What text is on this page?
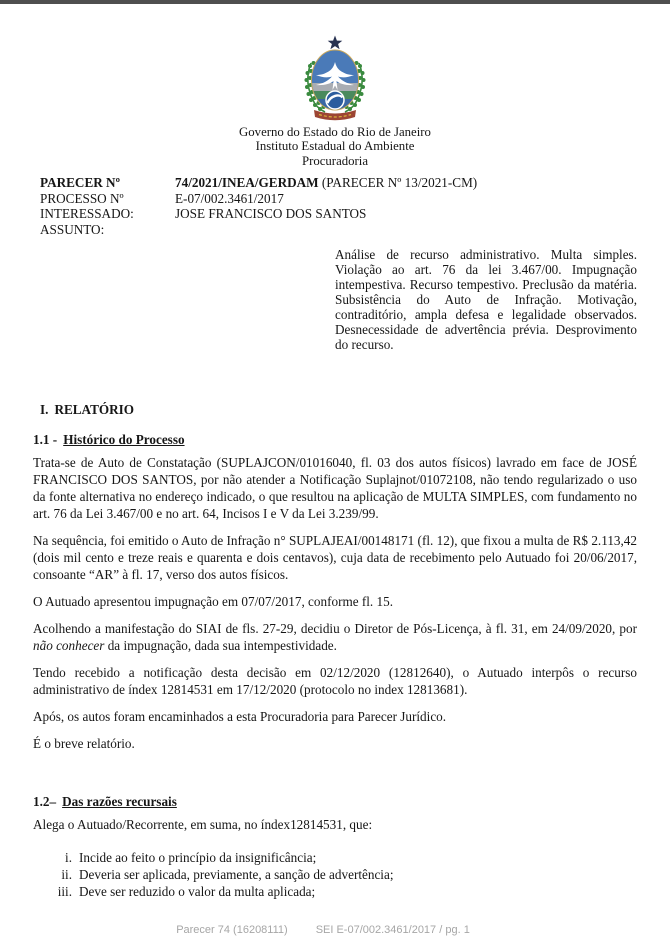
Governo do Estado do Rio de Janeiro
Instituto Estadual do Ambiente
Procuradoria
PARECER Nº	74/2021/INEA/GERDAM (PARECER Nº 13/2021-CM)
PROCESSO Nº	E-07/002.3461/2017
INTERESSADO:	JOSE FRANCISCO DOS SANTOS
ASSUNTO:	
Análise de recurso administrativo. Multa simples. Violação ao art. 76 da lei 3.467/00. Impugnação intempestiva. Recurso tempestivo. Preclusão da matéria. Subsistência do Auto de Infração. Motivação, contraditório, ampla defesa e legalidade observados. Desnecessidade de advertência prévia. Desprovimento do recurso.
I. RELATÓRIO
1.1 - Histórico do Processo

Trata-se de Auto de Constatação (SUPLAJCON/01016040, fl. 03 dos autos físicos) lavrado em face de JOSÉ FRANCISCO DOS SANTOS, por não atender a Notificação Suplajnot/01072108, não tendo regularizado o uso da fonte alternativa no endereço indicado, o que resultou na aplicação de MULTA SIMPLES, com fundamento no art. 76 da Lei 3.467/00 e no art. 64, Incisos I e V da Lei 3.239/99.

Na sequência, foi emitido o Auto de Infração n° SUPLAJEAI/00148171 (fl. 12), que fixou a multa de R$ 2.113,42 (dois mil cento e treze reais e quarenta e dois centavos), cuja data de recebimento pelo Autuado foi 20/06/2017, consoante “AR” à fl. 17, verso dos autos físicos.

O Autuado apresentou impugnação em 07/07/2017, conforme fl. 15.

Acolhendo a manifestação do SIAI de fls. 27-29, decidiu o Diretor de Pós-Licença, à fl. 31, em 24/09/2020, por não conhecer da impugnação, dada sua intempestividade.

Tendo recebido a notificação desta decisão em 02/12/2020 (12812640), o Autuado interpôs o recurso administrativo de índex 12814531 em 17/12/2020 (protocolo no index 12813681).

Após, os autos foram encaminhados a esta Procuradoria para Parecer Jurídico.

É o breve relatório.

1.2– Das razões recursais

Alega o Autuado/Recorrente, em suma, no índex12814531, que:

i. Incide ao feito o princípio da insignificância;
ii. Deveria ser aplicada, previamente, a sanção de advertência;
iii. Deve ser reduzido o valor da multa aplicada;
Parecer 74 (16208111)	SEI E-07/002.3461/2017 / pg. 1
